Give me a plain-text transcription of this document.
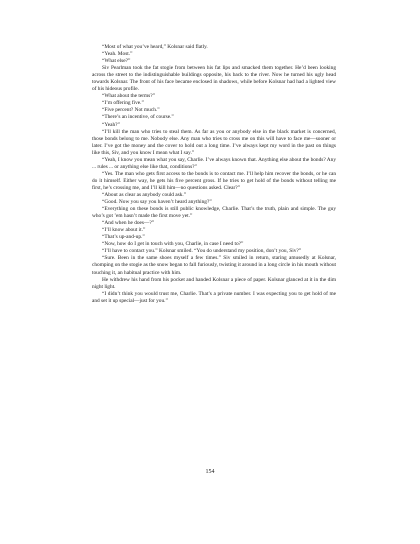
“Most of what you’ve heard,” Kolsnar said flatly.

“Yeah. Most.”

“What else?”

Siv Pearlman took the fat stogie from between his fat lips and smacked them together. He’d been looking across the street to the indistinguishable buildings opposite, his back to the river. Now he turned his ugly head towards Kolsnar. The front of his face became enclosed in shadows, while before Kolsnar had had a lighted view of his hideous profile.

“What about the terms?”

“I’m offering five.”

“Five percent? Not much.”

“There’s an incentive, of course.”

“Yeah?”

“I’ll kill the man who tries to steal them. As far as you or anybody else in the black market is concerned, those bonds belong to me. Nobody else. Any man who tries to cross me on this will have to face me—sooner or later. I’ve got the money and the cover to hold out a long time. I’ve always kept my word in the past on things like this, Siv, and you know I mean what I say.”

“Yeah, I know you mean what you say, Charlie. I’ve always known that. Anything else about the bonds? Any ... rules ... or anything else like that, conditions?”

“Yes. The man who gets first access to the bonds is to contact me. I’ll help him recover the bonds, or he can do it himself. Either way, he gets his five percent gross. If he tries to get hold of the bonds without telling me first, he’s crossing me, and I’ll kill him—no questions asked. Clear?”

“About as clear as anybody could ask.”

“Good. Now you say you haven’t heard anything?”

“Everything on these bonds is still public knowledge, Charlie. That’s the truth, plain and simple. The guy who’s got ’em hasn’t made the first move yet.”

“And when he does—?”

“I’ll know about it.”

“That’s up-and-up.”

“Now, how do I get in touch with you, Charlie, in case I need to?”

“I’ll have to contact you.” Kolsnar smiled. “You do understand my position, don’t you, Siv?”

“Sure. Been in the same shoes myself a few times.” Siv smiled in return, staring amusedly at Kolsnar, chomping on the stogie as the snow began to fall furiously, twisting it around in a long circle in his mouth without touching it, an habitual practice with him.

He withdrew his hand from his pocket and handed Kolsnar a piece of paper. Kolsnar glanced at it in the dim night light.

“I didn’t think you would trust me, Charlie. That’s a private number. I was expecting you to get hold of me and set it up special—just for you.”

154
